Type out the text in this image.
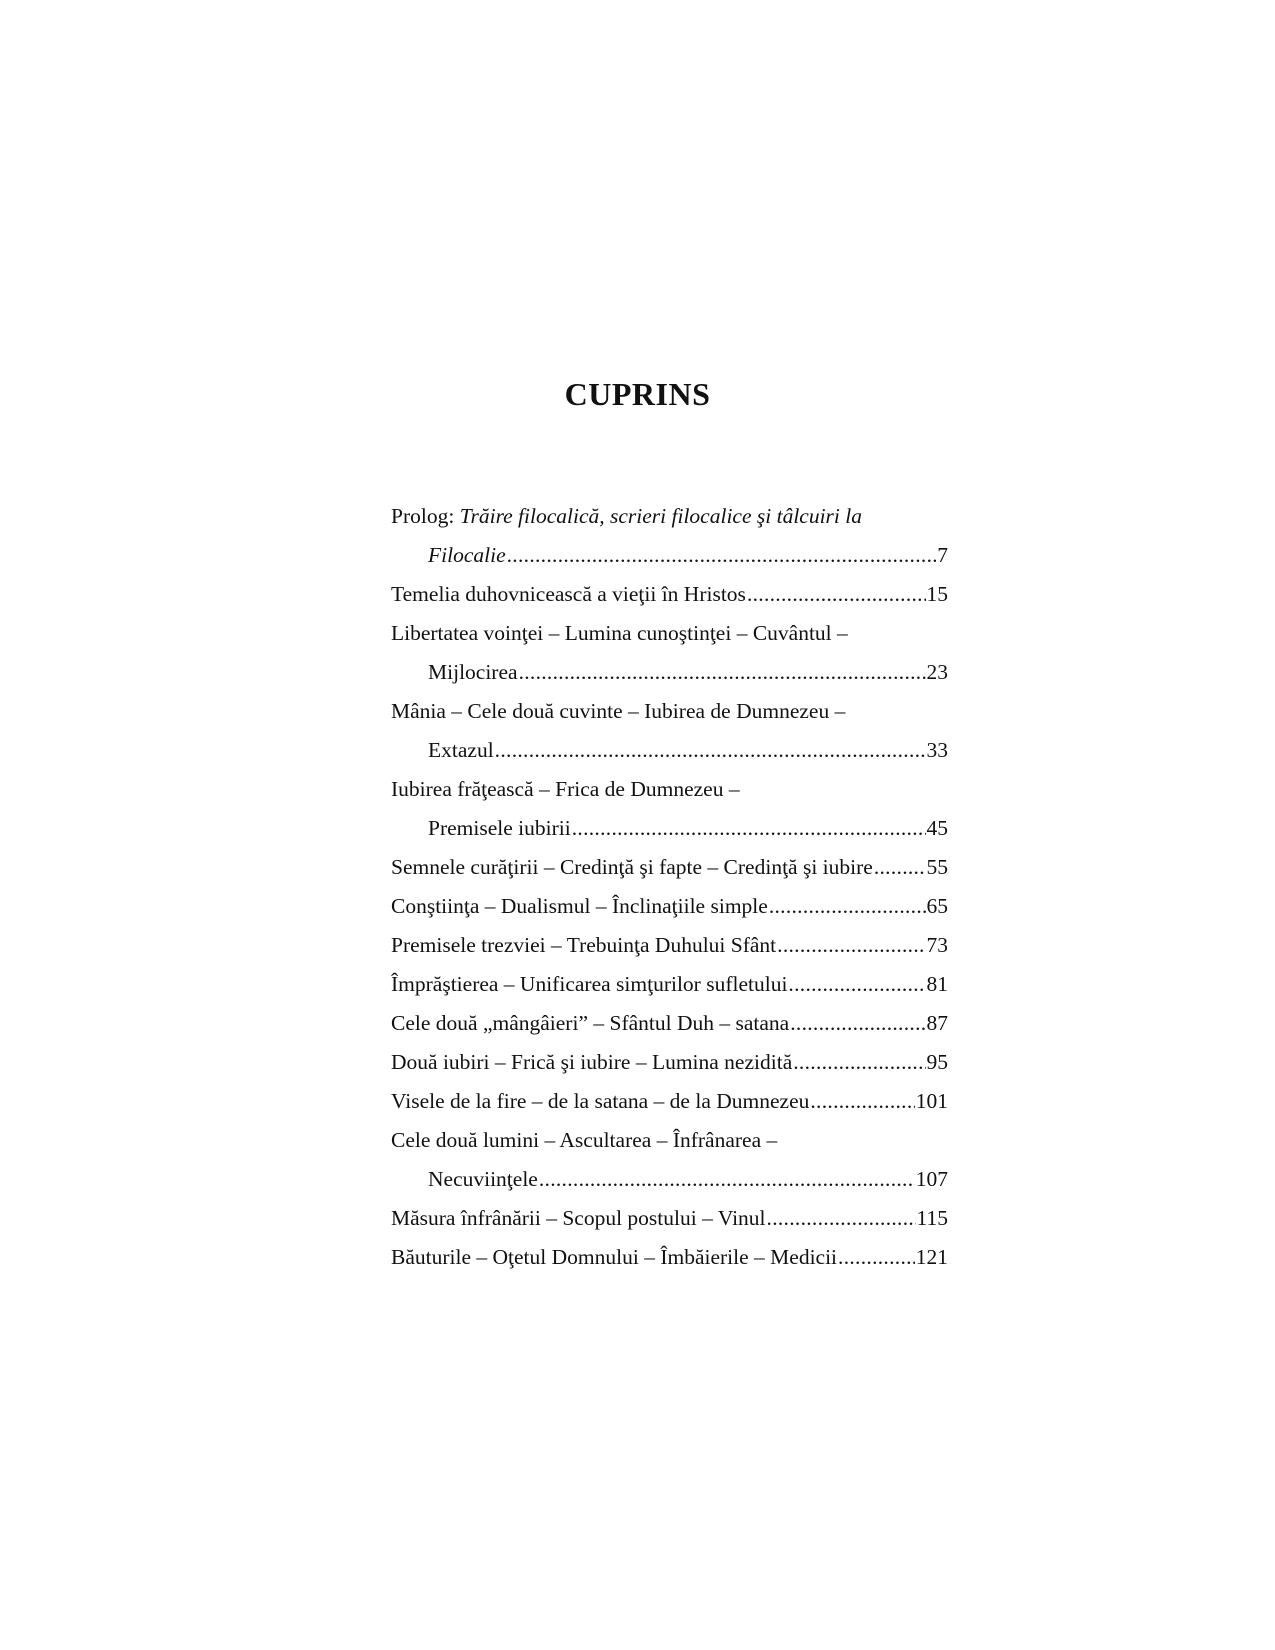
CUPRINS
Prolog: Trăire filocalică, scrieri filocalice şi tâlcuiri la
Filocalie .....	7
Temelia duhovnicească a vieţii în Hristos .....	15
Libertatea voinţei – Lumina cunoştinţei – Cuvântul –
Mijlocirea .....	23
Mânia – Cele două cuvinte – Iubirea de Dumnezeu –
Extazul .....	33
Iubirea frăţească – Frica de Dumnezeu –
Premisele iubirii .....	45
Semnele curăţirii – Credinţă şi fapte – Credinţă şi iubire ..... 55
Conştiinţa – Dualismul – Înclinaţiile simple .....	65
Premisele trezviei – Trebuinţa Duhului Sfânt .....	73
Împrăştierea – Unificarea simţurilor sufletului .....	81
Cele două „mângâieri” – Sfântul Duh – satana .....	87
Două iubiri – Frică şi iubire – Lumina nezidită .....	95
Visele de la fire – de la satana – de la Dumnezeu .....	101
Cele două lumini – Ascultarea – Înfrânarea –
Necuviinţele .....	107
Măsura înfrânării – Scopul postului – Vinul .....	115
Băuturile – Oţetul Domnului – Îmbăierile – Medicii .....	121
